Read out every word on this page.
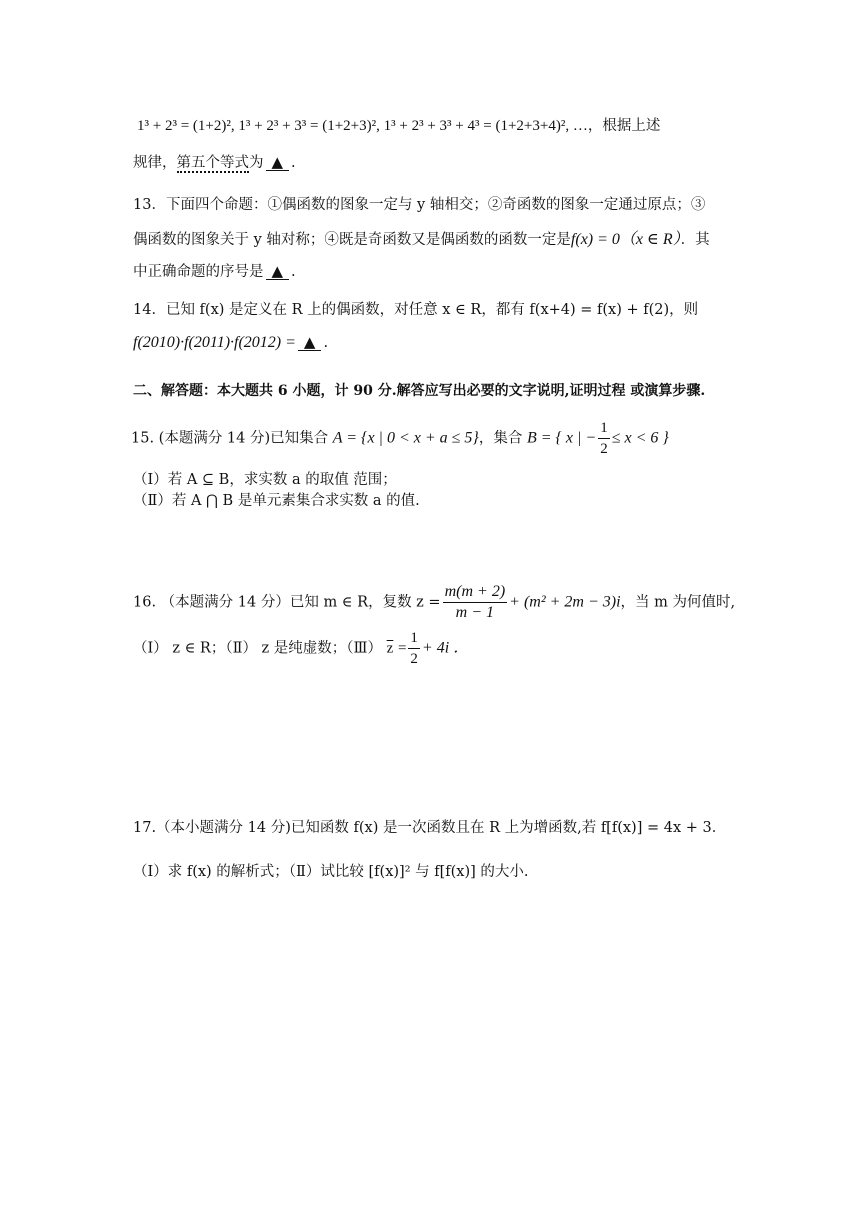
1³ + 2³ = (1+2)², 1³ + 2³ + 3³ = (1+2+3)², 1³ + 2³ + 3³ + 4³ = (1+2+3+4)², …，根据上述
规律，第五个等式为 ▲ .
13．下面四个命题：①偶函数的图象一定与 y 轴相交；②奇函数的图象一定通过原点；③
偶函数的图象关于 y 轴对称；④既是奇函数又是偶函数的函数一定是f(x) = 0（x ∈ R）．其
中正确命题的序号是 ▲ .
14．已知 f(x) 是定义在 R 上的偶函数，对任意 x ∈ R，都有 f(x+4) = f(x) + f(2)，则
f(2010)·f(2011)·f(2012) = ▲ .
二、解答题：本大题共 6 小题，计 90 分.解答应写出必要的文字说明,证明过程 或演算步骤.
15. (本题满分 14 分)已知集合 A = {x | 0 < x + a ≤ 5}，集合 B = { x | − $\frac{1}{2} \le x < 6$ }
（Ⅰ）若 A ⊆ B，求实数 a 的取值 范围；
（Ⅱ）若 A ⋂ B 是单元素集合求实数 a 的值.
16. （本题满分 14 分）已知 m ∈ R，复数 $z = \frac{m(m + 2)}{m - 1} + (m^2 + 2m - 3)i$，当 m 为何值时,
（Ⅰ） z ∈ R；（Ⅱ） z 是纯虚数；（Ⅲ） $\overline{z} = \frac{1}{2} + 4i$ ．
17.（本小题满分 14 分)已知函数 f(x) 是一次函数且在 R 上为增函数,若 f[f(x)] = 4x + 3．
（Ⅰ）求 f(x) 的解析式；（Ⅱ）试比较 [f(x)]² 与 f[f(x)] 的大小.
